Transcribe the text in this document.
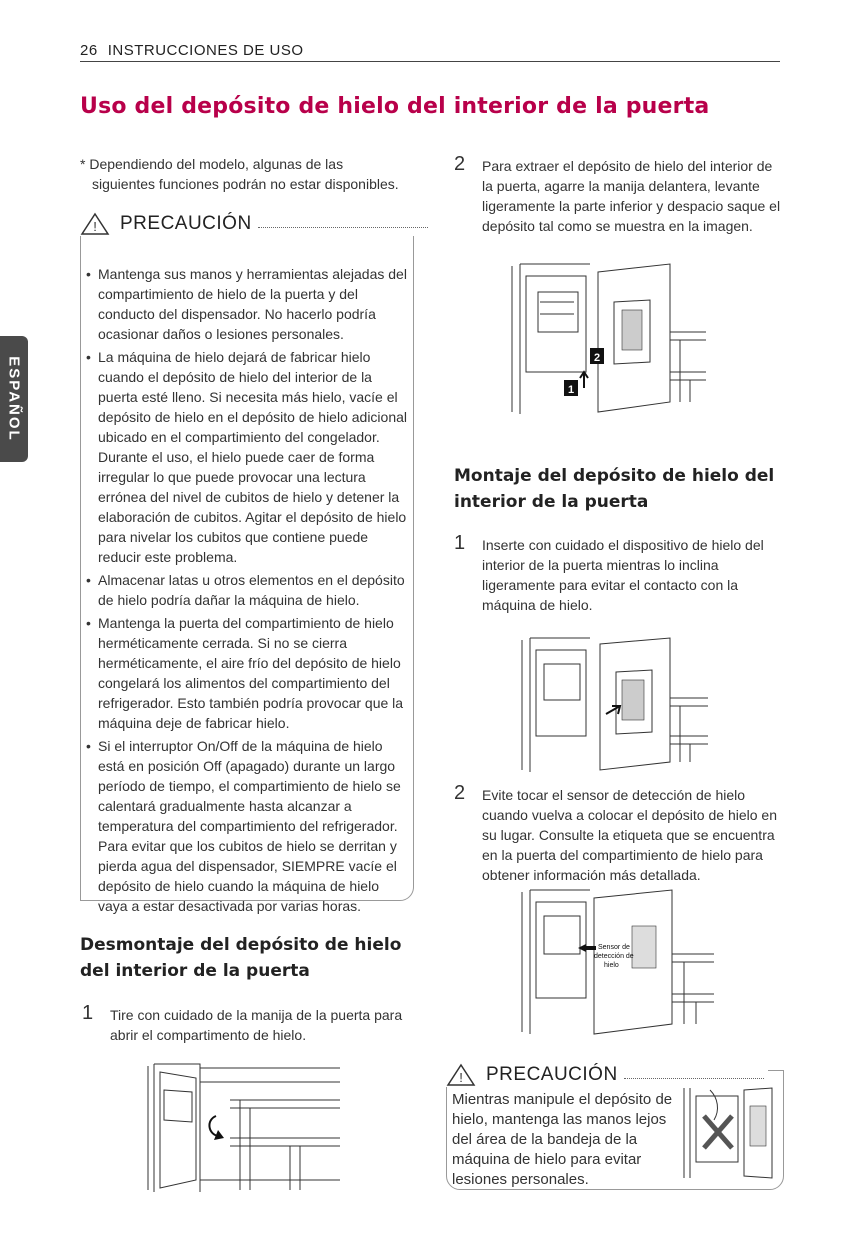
26 INSTRUCCIONES DE USO
Uso del depósito de hielo del interior de la puerta
ESPAÑOL
* Dependiendo del modelo, algunas de las
siguientes funciones podrán no estar disponibles.
! PRECAUCIÓN
• Mantenga sus manos y herramientas alejadas del compartimiento de hielo de la puerta y del conducto del dispensador. No hacerlo podría ocasionar daños o lesiones personales.
• La máquina de hielo dejará de fabricar hielo cuando el depósito de hielo del interior de la puerta esté lleno. Si necesita más hielo, vacíe el depósito de hielo en el depósito de hielo adicional ubicado en el compartimiento del congelador. Durante el uso, el hielo puede caer de forma irregular lo que puede provocar una lectura errónea del nivel de cubitos de hielo y detener la elaboración de cubitos. Agitar el depósito de hielo para nivelar los cubitos que contiene puede reducir este problema.
• Almacenar latas u otros elementos en el depósito de hielo podría dañar la máquina de hielo.
• Mantenga la puerta del compartimiento de hielo herméticamente cerrada. Si no se cierra herméticamente, el aire frío del depósito de hielo congelará los alimentos del compartimiento del refrigerador. Esto también podría provocar que la máquina deje de fabricar hielo.
• Si el interruptor On/Off de la máquina de hielo está en posición Off (apagado) durante un largo período de tiempo, el compartimiento de hielo se calentará gradualmente hasta alcanzar a temperatura del compartimiento del refrigerador. Para evitar que los cubitos de hielo se derritan y pierda agua del dispensador, SIEMPRE vacíe el depósito de hielo cuando la máquina de hielo vaya a estar desactivada por varias horas.
Desmontaje del depósito de hielo
del interior de la puerta
1 Tire con cuidado de la manija de la puerta para abrir el compartimento de hielo.
2 Para extraer el depósito de hielo del interior de la puerta, agarre la manija delantera, levante ligeramente la parte inferior y despacio saque el depósito tal como se muestra en la imagen.
2
1
Montaje del depósito de hielo del
interior de la puerta
1 Inserte con cuidado el dispositivo de hielo del interior de la puerta mientras lo inclina ligeramente para evitar el contacto con la máquina de hielo.
2 Evite tocar el sensor de detección de hielo cuando vuelva a colocar el depósito de hielo en su lugar. Consulte la etiqueta que se encuentra en la puerta del compartimiento de hielo para obtener información más detallada.
Sensor de detección de hielo
! PRECAUCIÓN
Mientras manipule el depósito de hielo, mantenga las manos lejos del área de la bandeja de la máquina de hielo para evitar lesiones personales.
